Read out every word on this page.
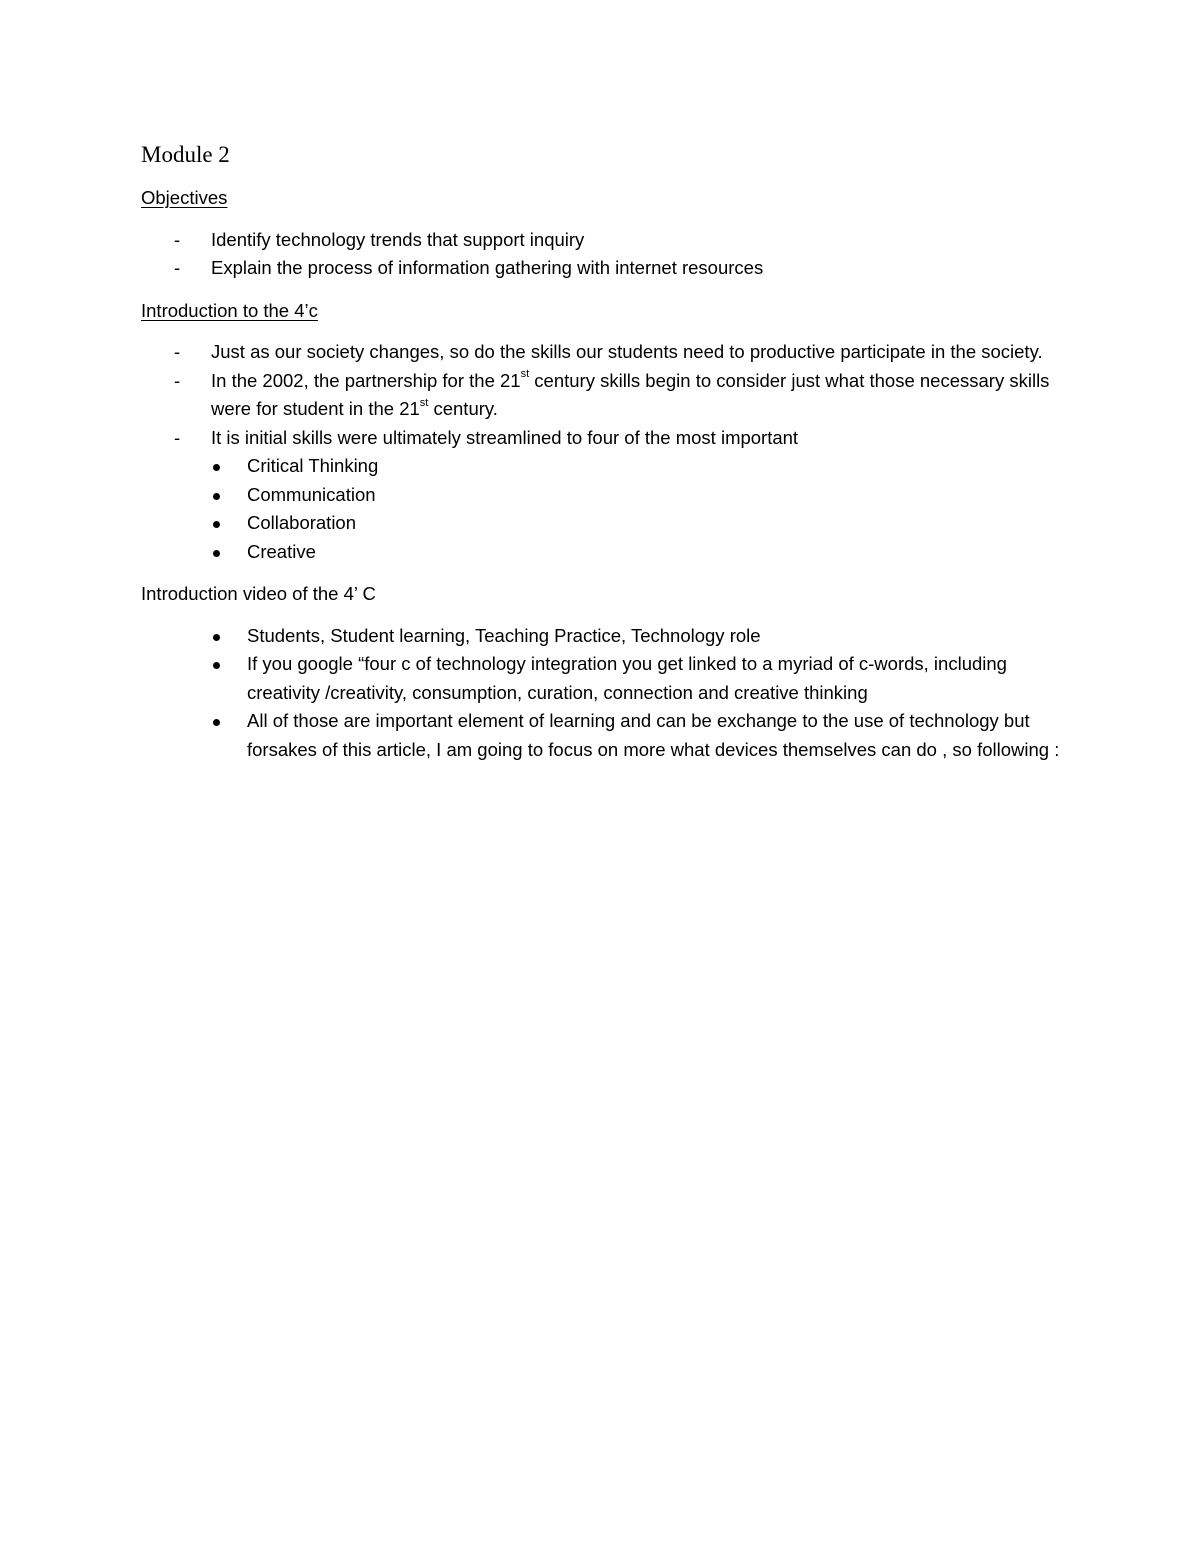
Module 2
Objectives
- Identify technology trends that support inquiry
- Explain the process of information gathering with internet resources
Introduction to the 4’c
- Just as our society changes, so do the skills our students need to productive participate in the society.
- In the 2002, the partnership for the 21st century skills begin to consider just what those necessary skills were for student in the 21st century.
- It is initial skills were ultimately streamlined to four of the most important
Critical Thinking
Communication
Collaboration
Creative
Introduction video of the 4’ C
Students, Student learning, Teaching Practice, Technology role
If you google “four c of technology integration you get linked to a myriad of c-words, including creativity /creativity, consumption, curation, connection and creative thinking
All of those are important element of learning and can be exchange to the use of technology but forsakes of this article, I am going to focus on more what devices themselves can do , so following :
